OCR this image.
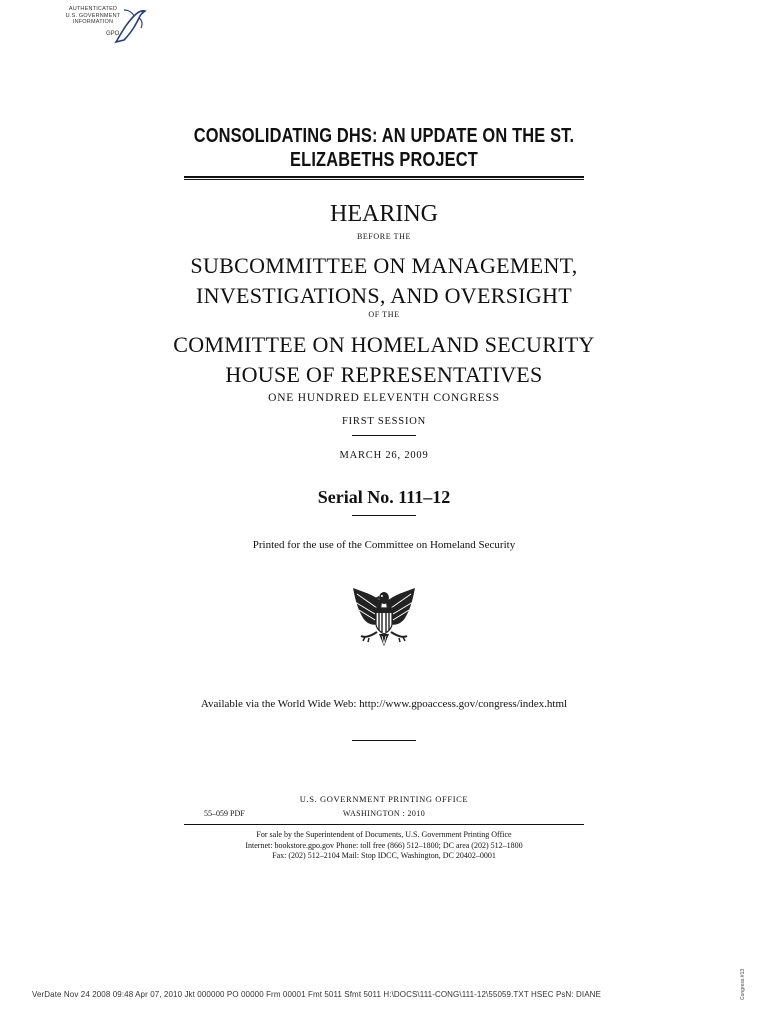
AUTHENTICATED
U.S. GOVERNMENT
INFORMATION
GPO
CONSOLIDATING DHS: AN UPDATE ON THE ST.
ELIZABETHS PROJECT
HEARING
BEFORE THE
SUBCOMMITTEE ON MANAGEMENT,
INVESTIGATIONS, AND OVERSIGHT
OF THE
COMMITTEE ON HOMELAND SECURITY
HOUSE OF REPRESENTATIVES
ONE HUNDRED ELEVENTH CONGRESS
FIRST SESSION
MARCH 26, 2009
Serial No. 111–12
Printed for the use of the Committee on Homeland Security
Available via the World Wide Web: http://www.gpoaccess.gov/congress/index.html
U.S. GOVERNMENT PRINTING OFFICE
55–059 PDF	WASHINGTON : 2010
For sale by the Superintendent of Documents, U.S. Government Printing Office
Internet: bookstore.gpo.gov Phone: toll free (866) 512–1800; DC area (202) 512–1800
Fax: (202) 512–2104 Mail: Stop IDCC, Washington, DC 20402–0001
VerDate Nov 24 2008 09:48 Apr 07, 2010 Jkt 000000 PO 00000 Frm 00001 Fmt 5011 Sfmt 5011 H:\DOCS\111-CONG\111-12\55059.TXT HSEC PsN: DIANE	Congress.#13
